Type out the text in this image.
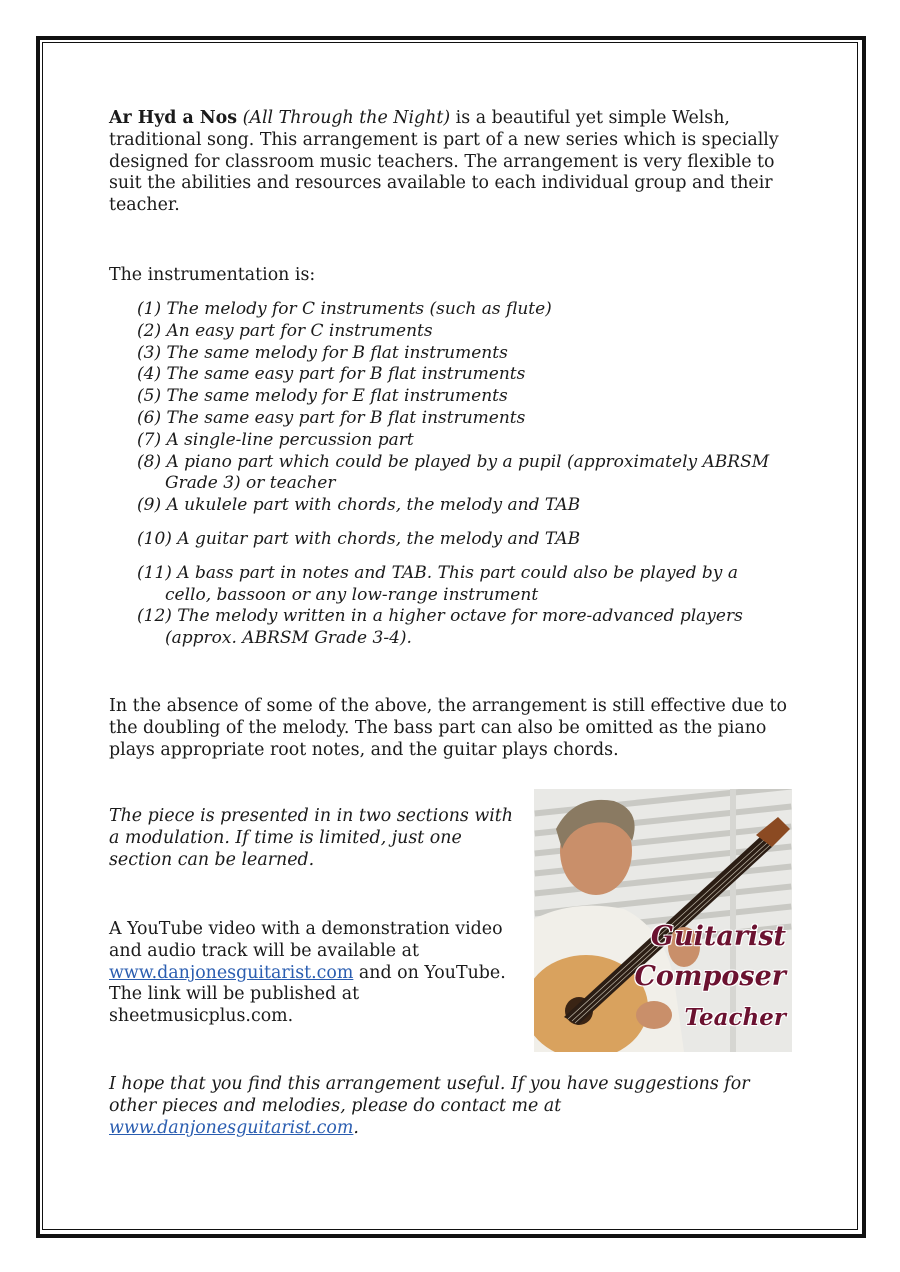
Ar Hyd a Nos (All Through the Night) is a beautiful yet simple Welsh, traditional song. This arrangement is part of a new series which is specially designed for classroom music teachers. The arrangement is very flexible to suit the abilities and resources available to each individual group and their teacher.

The instrumentation is:
(1) The melody for C instruments (such as flute)
(2) An easy part for C instruments
(3) The same melody for B flat instruments
(4) The same easy part for B flat instruments
(5) The same melody for E flat instruments
(6) The same easy part for B flat instruments
(7) A single-line percussion part
(8) A piano part which could be played by a pupil (approximately ABRSM
Grade 3) or teacher
(9) A ukulele part with chords, the melody and TAB
(10) A guitar part with chords, the melody and TAB
(11) A bass part in notes and TAB. This part could also be played by a
cello, bassoon or any low-range instrument
(12) The melody written in a higher octave for more-advanced players
(approx. ABRSM Grade 3-4).
In the absence of some of the above, the arrangement is still effective due to the doubling of the melody. The bass part can also be omitted as the piano plays appropriate root notes, and the guitar plays chords.
The piece is presented in in two sections with a modulation. If time is limited, just one section can be learned.
A YouTube video with a demonstration video and audio track will be available at www.danjonesguitarist.com and on YouTube. The link will be published at sheetmusicplus.com.
Guitarist
Composer
Teacher
I hope that you find this arrangement useful. If you have suggestions for other pieces and melodies, please do contact me at www.danjonesguitarist.com.
